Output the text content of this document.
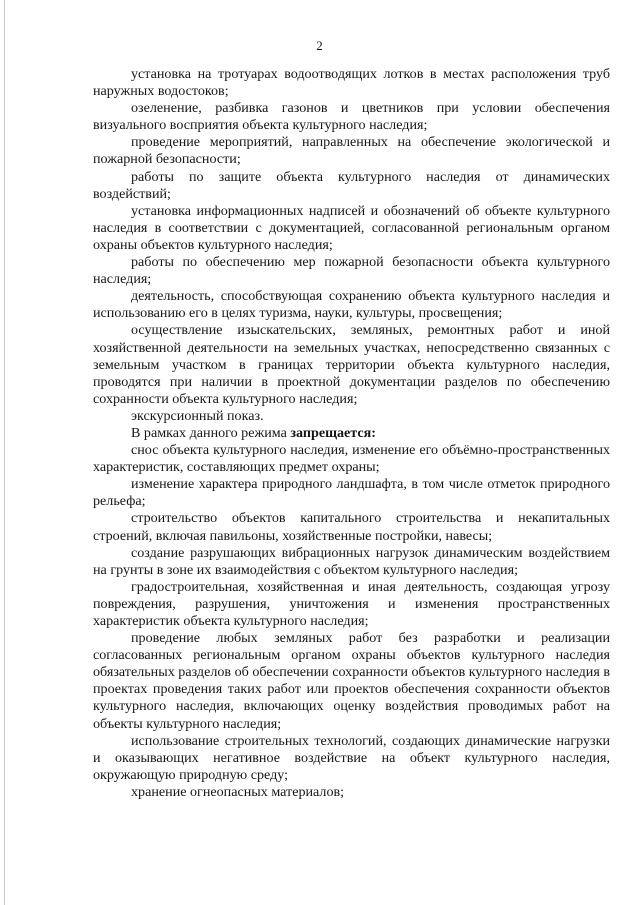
2

установка на тротуарах водоотводящих лотков в местах расположения труб наружных водостоков;

озеленение, разбивка газонов и цветников при условии обеспечения визуального восприятия объекта культурного наследия;

проведение мероприятий, направленных на обеспечение экологической и пожарной безопасности;

работы по защите объекта культурного наследия от динамических воздействий;

установка информационных надписей и обозначений об объекте культурного наследия в соответствии с документацией, согласованной региональным органом охраны объектов культурного наследия;

работы по обеспечению мер пожарной безопасности объекта культурного наследия;

деятельность, способствующая сохранению объекта культурного наследия и использованию его в целях туризма, науки, культуры, просвещения;

осуществление изыскательских, земляных, ремонтных работ и иной хозяйственной деятельности на земельных участках, непосредственно связанных с земельным участком в границах территории объекта культурного наследия, проводятся при наличии в проектной документации разделов по обеспечению сохранности объекта культурного наследия;

экскурсионный показ.

В рамках данного режима запрещается:

снос объекта культурного наследия, изменение его объёмно-пространственных характеристик, составляющих предмет охраны;

изменение характера природного ландшафта, в том числе отметок природного рельефа;

строительство объектов капитального строительства и некапитальных строений, включая павильоны, хозяйственные постройки, навесы;

создание разрушающих вибрационных нагрузок динамическим воздействием на грунты в зоне их взаимодействия с объектом культурного наследия;

градостроительная, хозяйственная и иная деятельность, создающая угрозу повреждения, разрушения, уничтожения и изменения пространственных характеристик объекта культурного наследия;

проведение любых земляных работ без разработки и реализации согласованных региональным органом охраны объектов культурного наследия обязательных разделов об обеспечении сохранности объектов культурного наследия в проектах проведения таких работ или проектов обеспечения сохранности объектов культурного наследия, включающих оценку воздействия проводимых работ на объекты культурного наследия;

использование строительных технологий, создающих динамические нагрузки и оказывающих негативное воздействие на объект культурного наследия, окружающую природную среду;

хранение огнеопасных материалов;
